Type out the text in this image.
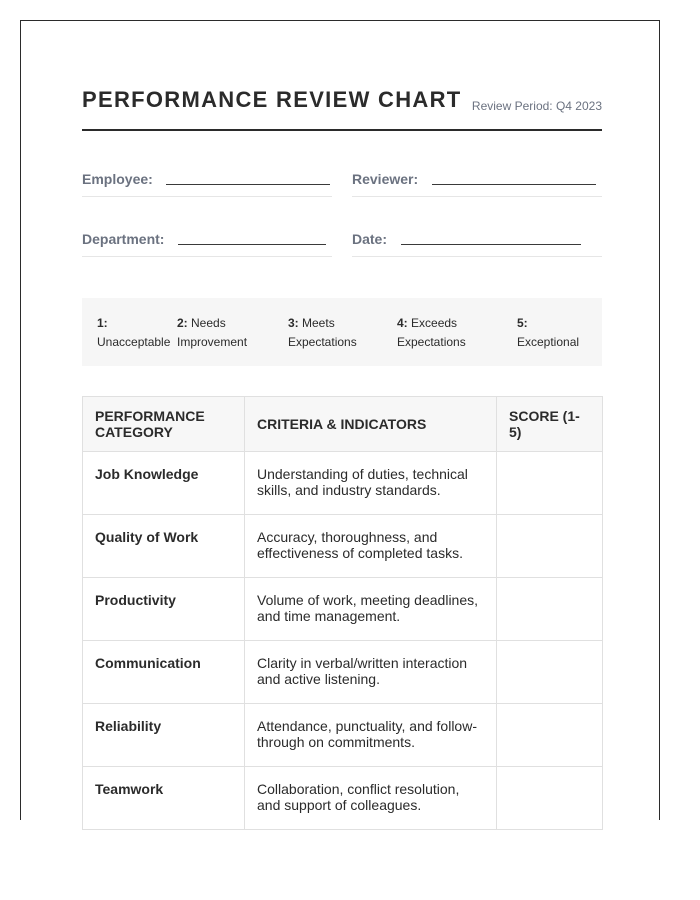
PERFORMANCE REVIEW CHART Review Period: Q4 2023
Employee:	Reviewer:
Department:	Date:
1:
Unacceptable
2: Needs Improvement
3: Meets Expectations
4: Exceeds Expectations
5:
Exceptional
PERFORMANCE CATEGORY	CRITERIA & INDICATORS	SCORE (1-5)
Job Knowledge	Understanding of duties, technical skills, and industry standards.	
Quality of Work	Accuracy, thoroughness, and effectiveness of completed tasks.	
Productivity	Volume of work, meeting deadlines, and time management.	
Communication	Clarity in verbal/written interaction and active listening.	
Reliability	Attendance, punctuality, and follow-through on commitments.	
Teamwork	Collaboration, conflict resolution, and support of colleagues.	
